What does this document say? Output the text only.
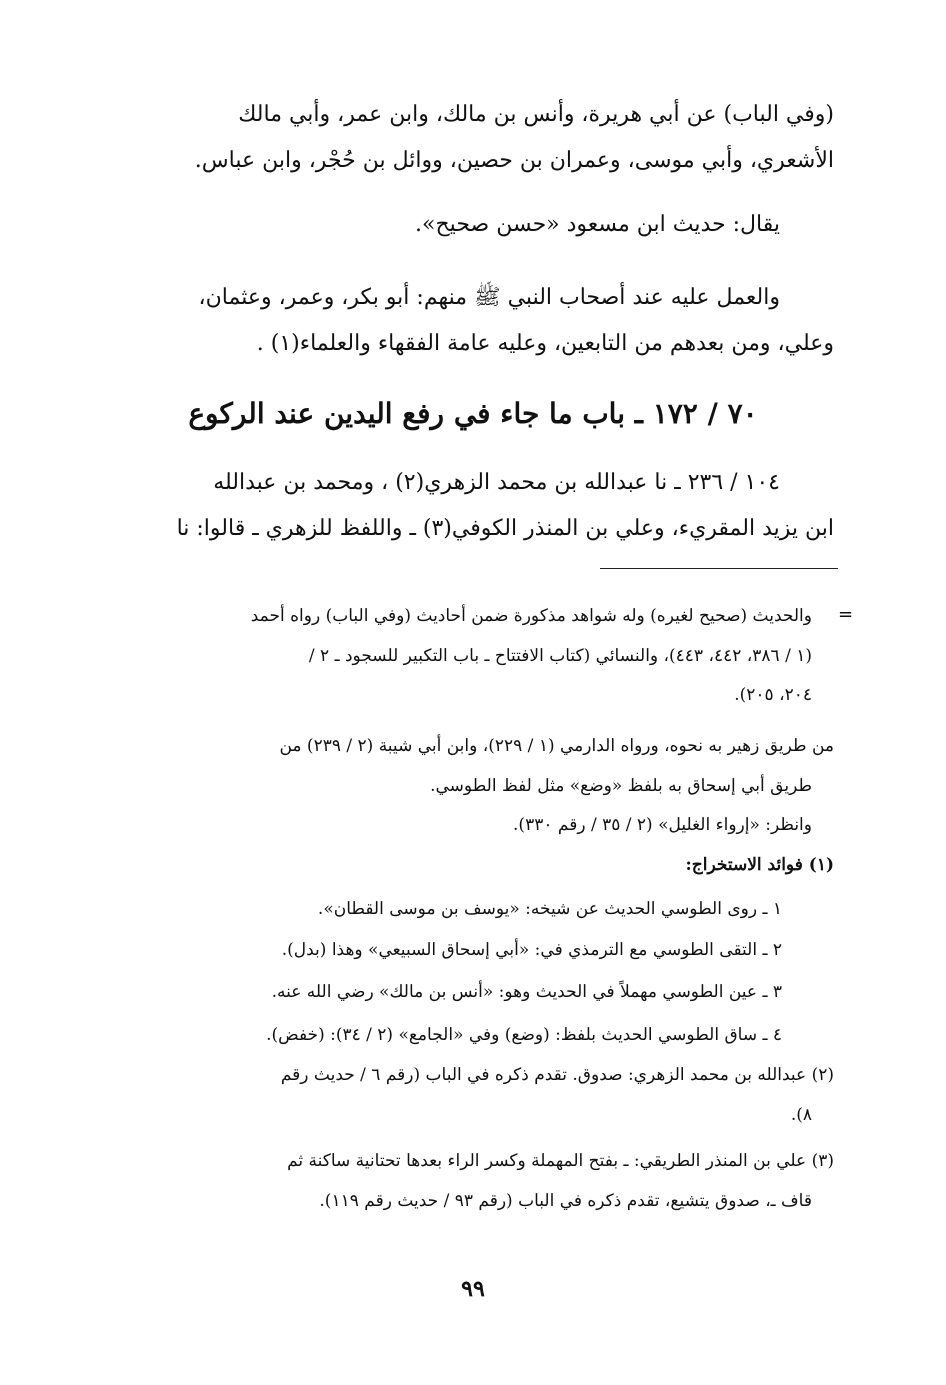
(وفي الباب) عن أبي هريرة، وأنس بن مالك، وابن عمر، وأبي مالك
الأشعري، وأبي موسى، وعمران بن حصين، ووائل بن حُجْر، وابن عباس.
يقال: حديث ابن مسعود «حسن صحيح».
والعمل عليه عند أصحاب النبي ﷺ منهم: أبو بكر، وعمر، وعثمان،
وعلي، ومن بعدهم من التابعين، وعليه عامة الفقهاء والعلماء(١) .
٧٠ / ١٧٢ ـ باب ما جاء في رفع اليدين عند الركوع
١٠٤ / ٢٣٦ ـ نا عبدالله بن محمد الزهري(٢) ، ومحمد بن عبدالله
ابن يزيد المقريء، وعلي بن المنذر الكوفي(٣) ـ واللفظ للزهري ـ قالوا: نا
=
والحديث (صحيح لغيره) وله شواهد مذكورة ضمن أحاديث (وفي الباب) رواه أحمد
(١ / ٣٨٦، ٤٤٢، ٤٤٣)، والنسائي (كتاب الافتتاح ـ باب التكبير للسجود ـ ٢ /
٢٠٤، ٢٠٥).
من طريق زهير به نحوه، ورواه الدارمي (١ / ٢٢٩)، وابن أبي شيبة (٢ / ٢٣٩) من
طريق أبي إسحاق به بلفظ «وضع» مثل لفظ الطوسي.
وانظر: «إرواء الغليل» (٢ / ٣٥ / رقم ٣٣٠).
(١) فوائد الاستخراج:
١ ـ روى الطوسي الحديث عن شيخه: «يوسف بن موسى القطان».
٢ ـ التقى الطوسي مع الترمذي في: «أبي إسحاق السبيعي» وهذا (بدل).
٣ ـ عين الطوسي مهملاً في الحديث وهو: «أنس بن مالك» رضي الله عنه.
٤ ـ ساق الطوسي الحديث بلفظ: (وضع) وفي «الجامع» (٢ / ٣٤): (خفض).
(٢) عبدالله بن محمد الزهري: صدوق. تقدم ذكره في الباب (رقم ٦ / حديث رقم
٨).
(٣) علي بن المنذر الطريقي: ـ بفتح المهملة وكسر الراء بعدها تحتانية ساكنة ثم
قاف ـ، صدوق يتشيع، تقدم ذكره في الباب (رقم ٩٣ / حديث رقم ١١٩).
٩٩
